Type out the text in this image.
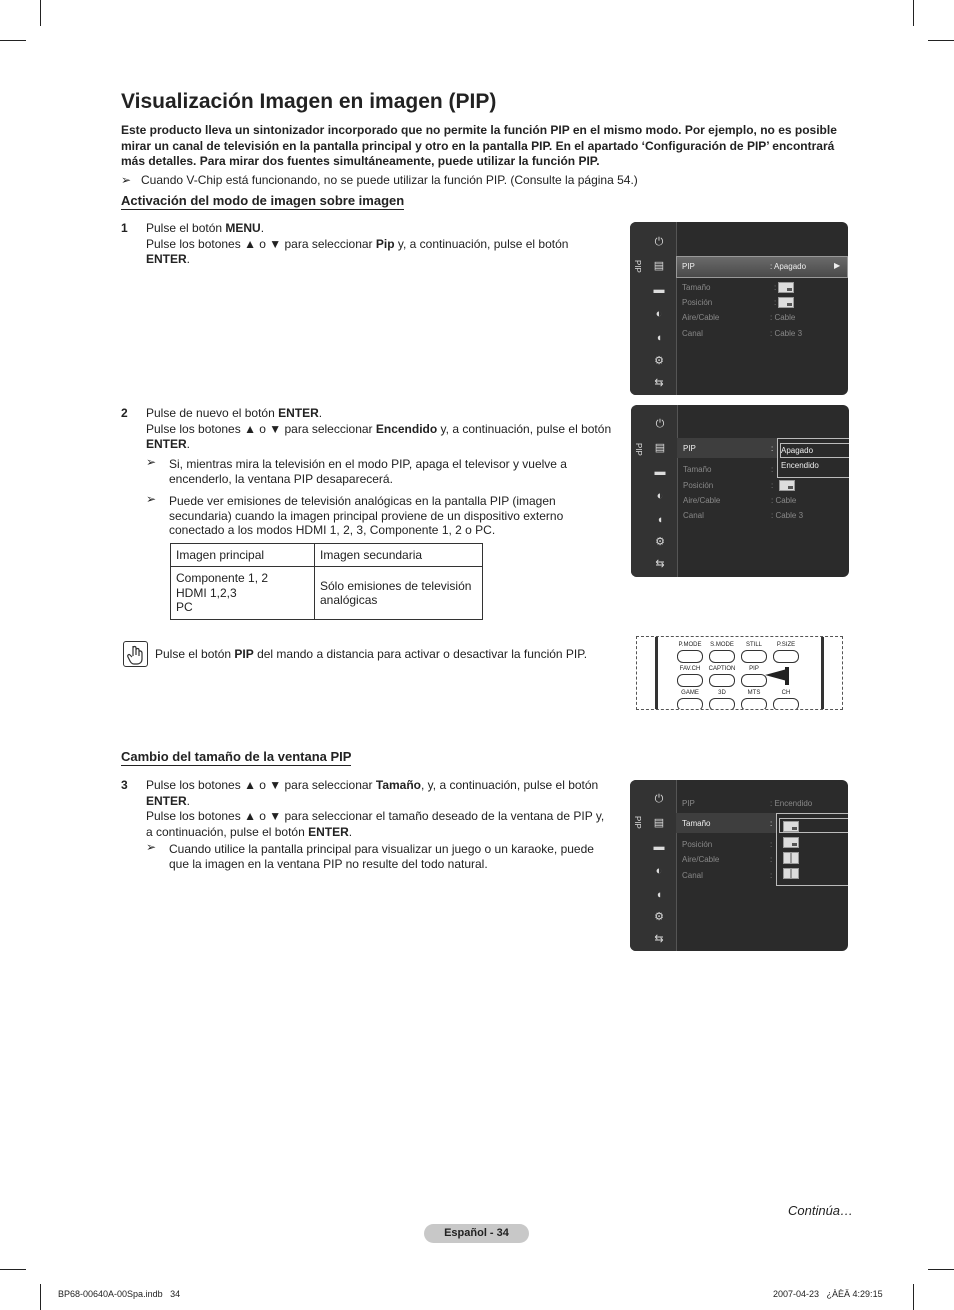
Visualización Imagen en imagen (PIP)

Este producto lleva un sintonizador incorporado que no permite la función PIP en el mismo modo. Por ejemplo, no es posible mirar un canal de televisión en la pantalla principal y otro en la pantalla PIP. En el apartado ‘Configuración de PIP’ encontrará más detalles. Para mirar dos fuentes simultáneamente, puede utilizar la función PIP.

➢ Cuando V-Chip está funcionando, no se puede utilizar la función PIP. (Consulte la página 54.)
Activación del modo de imagen sobre imagen
1 Pulse el botón MENU.
Pulse los botones ▲ o ▼ para seleccionar Pip y, a continuación, pulse el botón
ENTER.
2 Pulse de nuevo el botón ENTER.
Pulse los botones ▲ o ▼ para seleccionar Encendido y, a continuación, pulse el botón
ENTER.
➢	Si, mientras mira la televisión en el modo PIP, apaga el televisor y vuelve a encenderlo, la ventana PIP desaparecerá.
➢	Puede ver emisiones de televisión analógicas en la pantalla PIP (imagen secundaria) cuando la imagen principal proviene de un dispositivo externo conectado a los modos HDMI 1, 2, 3, Componente 1, 2 o PC.
Imagen principal	Imagen secundaria

Componente 1, 2
HDMI 1,2,3
PC	Sólo emisiones de televisión analógicas
Pulse el botón PIP del mando a distancia para activar o desactivar la función PIP.
P.MODE	S.MODE	STILL	P.SIZE
FAV.CH	CAPTION	PIP
GAME	3D	MTS	CH
Cambio del tamaño de la ventana PIP
3 Pulse los botones ▲ o ▼ para seleccionar Tamaño, y, a continuación, pulse el botón
ENTER.
Pulse los botones ▲ o ▼ para seleccionar el tamaño deseado de la ventana de PIP y,
a continuación, pulse el botón ENTER.
➢	Cuando utilice la pantalla principal para visualizar un juego o un karaoke, puede que la imagen en la ventana PIP no resulte del todo natural.
PIP
⏻
▤
▬
◐
◖
⚙
⇆
PIP	: Apagado	▶
Tamaño	:
Posición	:
Aire/Cable	: Cable
Canal	: Cable 3
PIP
⏻
▤
▬
◐
◖
⚙
⇆
PIP	:
Tamaño	:
Posición	:
Aire/Cable	: Cable
Canal	: Cable 3
Apagado
Encendido
PIP
⏻
▤
▬
◐
◖
⚙
⇆
PIP	: Encendido
Tamaño	:
Posición	:
Aire/Cable	:
Canal	:
Continúa…
Español - 34
BP68-00640A-00Spa.indb   34	2007-04-23   ¿ÀÈÄ 4:29:15
